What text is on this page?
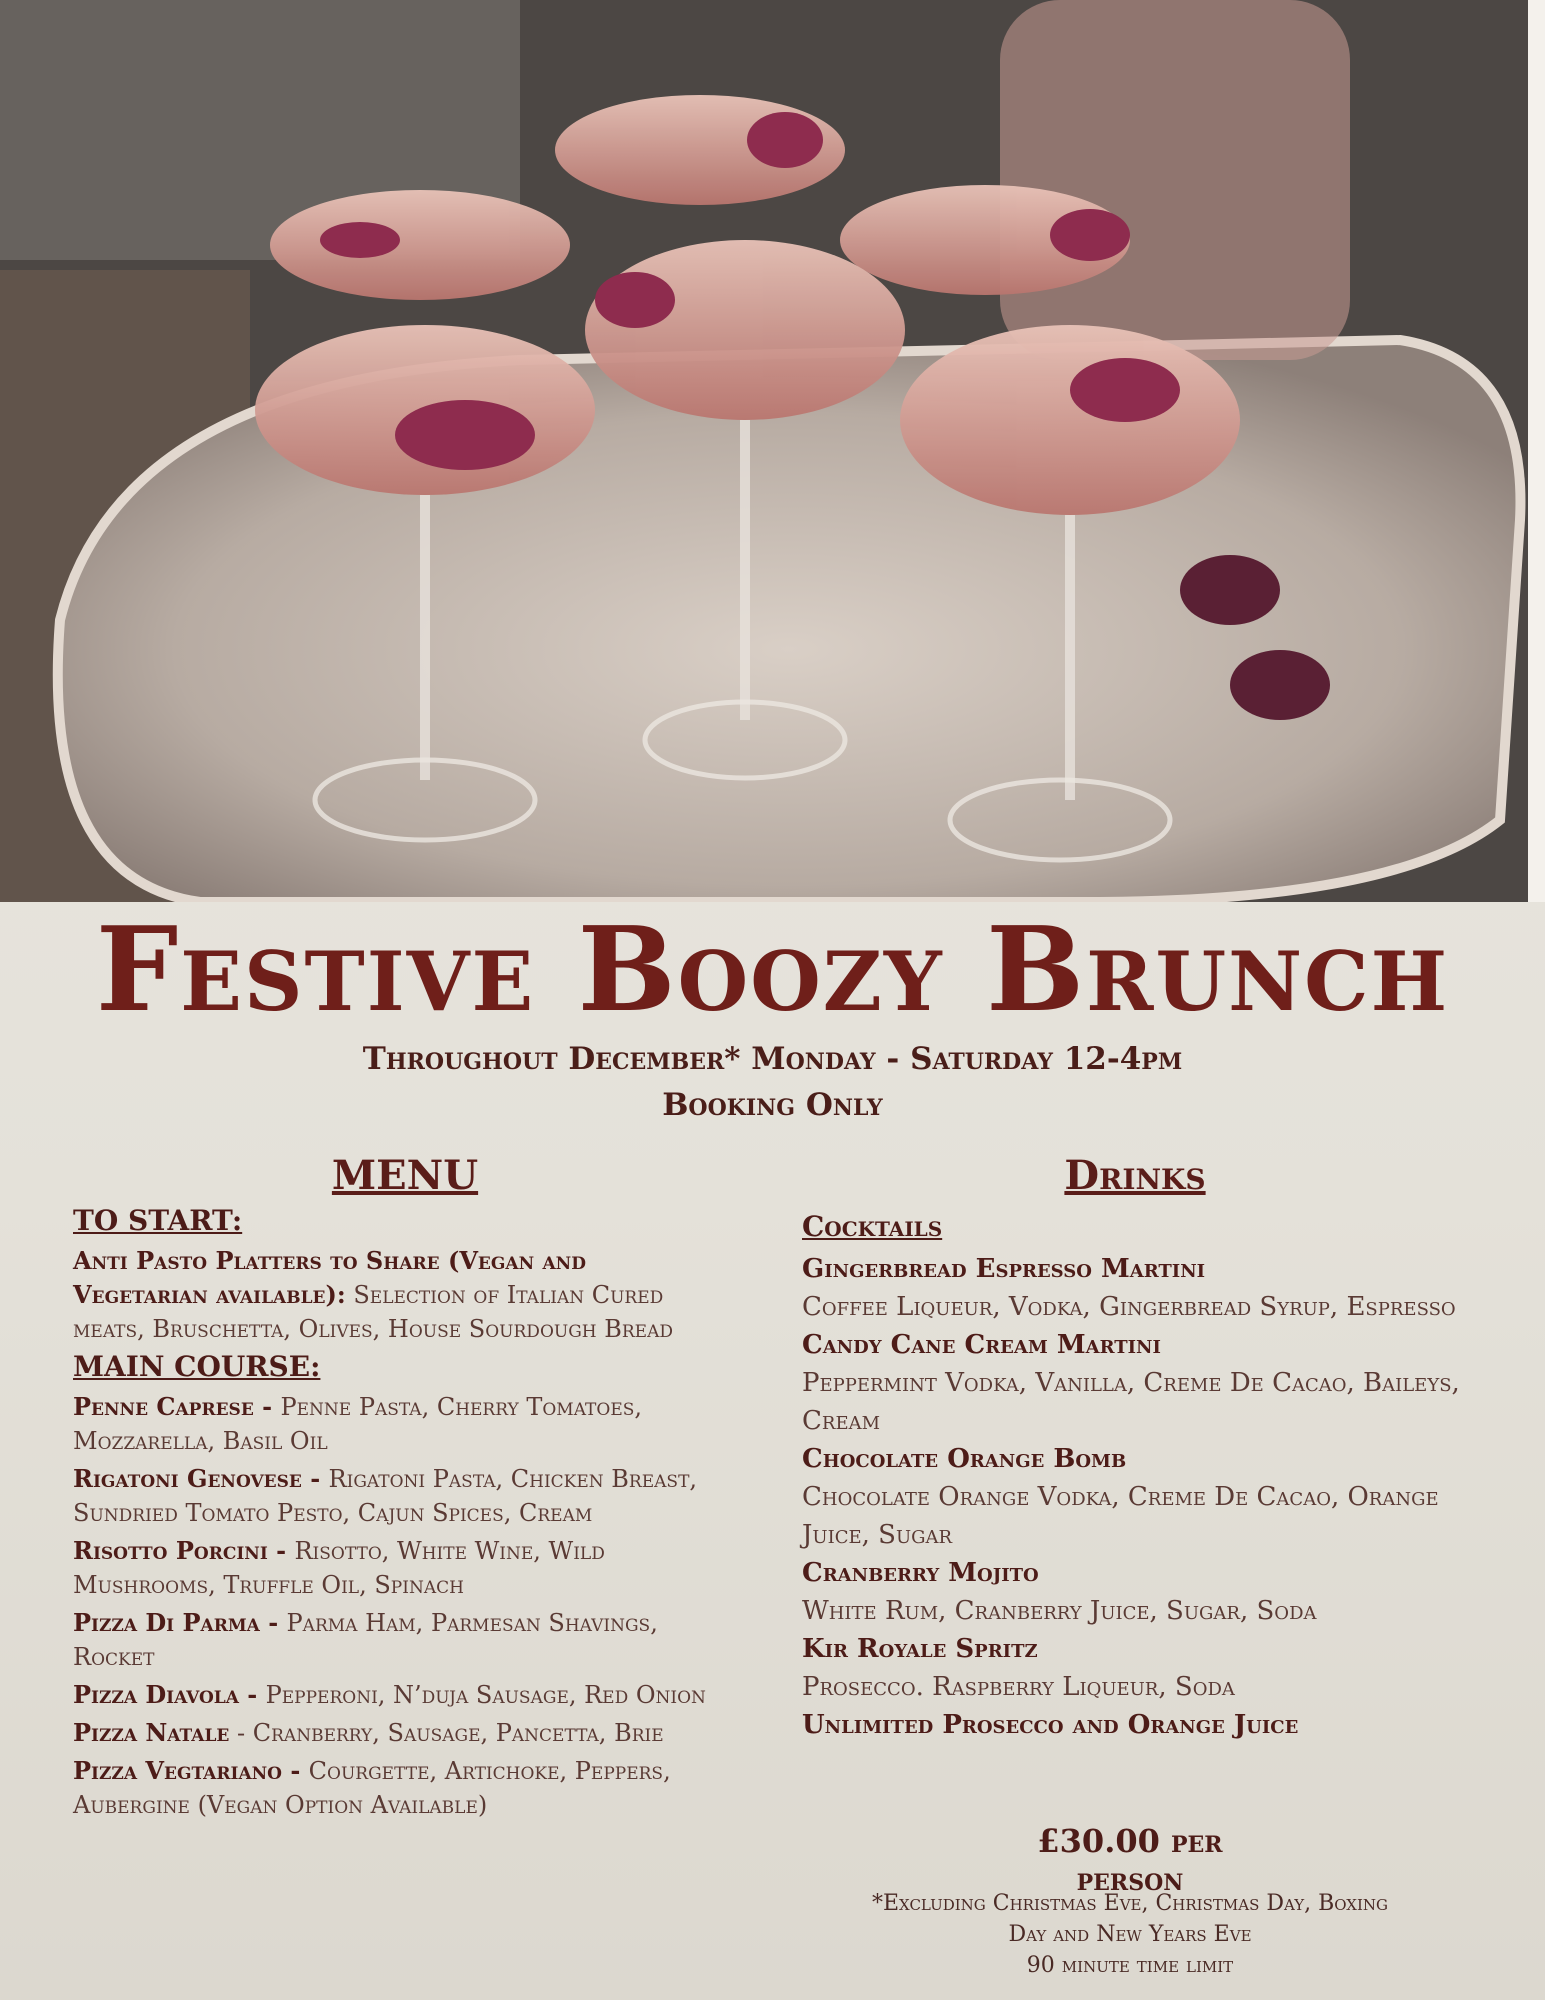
Festive Boozy Brunch

Throughout December* Monday - Saturday 12-4pm

Booking Only

MENU	Drinks

TO START:

Anti Pasto Platters to Share (Vegan and Vegetarian available): Selection of Italian Cured meats, Bruschetta, Olives, House Sourdough Bread

MAIN COURSE:

Penne Caprese - Penne Pasta, Cherry Tomatoes, Mozzarella, Basil Oil

Rigatoni Genovese - Rigatoni Pasta, Chicken Breast, Sundried Tomato Pesto, Cajun Spices, Cream

Risotto Porcini - Risotto, White Wine, Wild Mushrooms, Truffle Oil, Spinach

Pizza Di Parma - Parma Ham, Parmesan Shavings, Rocket

Pizza Diavola - Pepperoni, N’duja Sausage, Red Onion

Pizza Natale - Cranberry, Sausage, Pancetta, Brie

Pizza Vegtariano - Courgette, Artichoke, Peppers, Aubergine (Vegan Option Available)

Cocktails

Gingerbread Espresso Martini

Coffee Liqueur, Vodka, Gingerbread Syrup, Espresso

Candy Cane Cream Martini

Peppermint Vodka, Vanilla, Creme De Cacao, Baileys, Cream

Chocolate Orange Bomb

Chocolate Orange Vodka, Creme De Cacao, Orange Juice, Sugar

Cranberry Mojito

White Rum, Cranberry Juice, Sugar, Soda

Kir Royale Spritz

Prosecco. Raspberry Liqueur, Soda

Unlimited Prosecco and Orange Juice

£30.00 per person

*Excluding Christmas Eve, Christmas Day, Boxing

Day and New Years Eve

90 minute time limit
